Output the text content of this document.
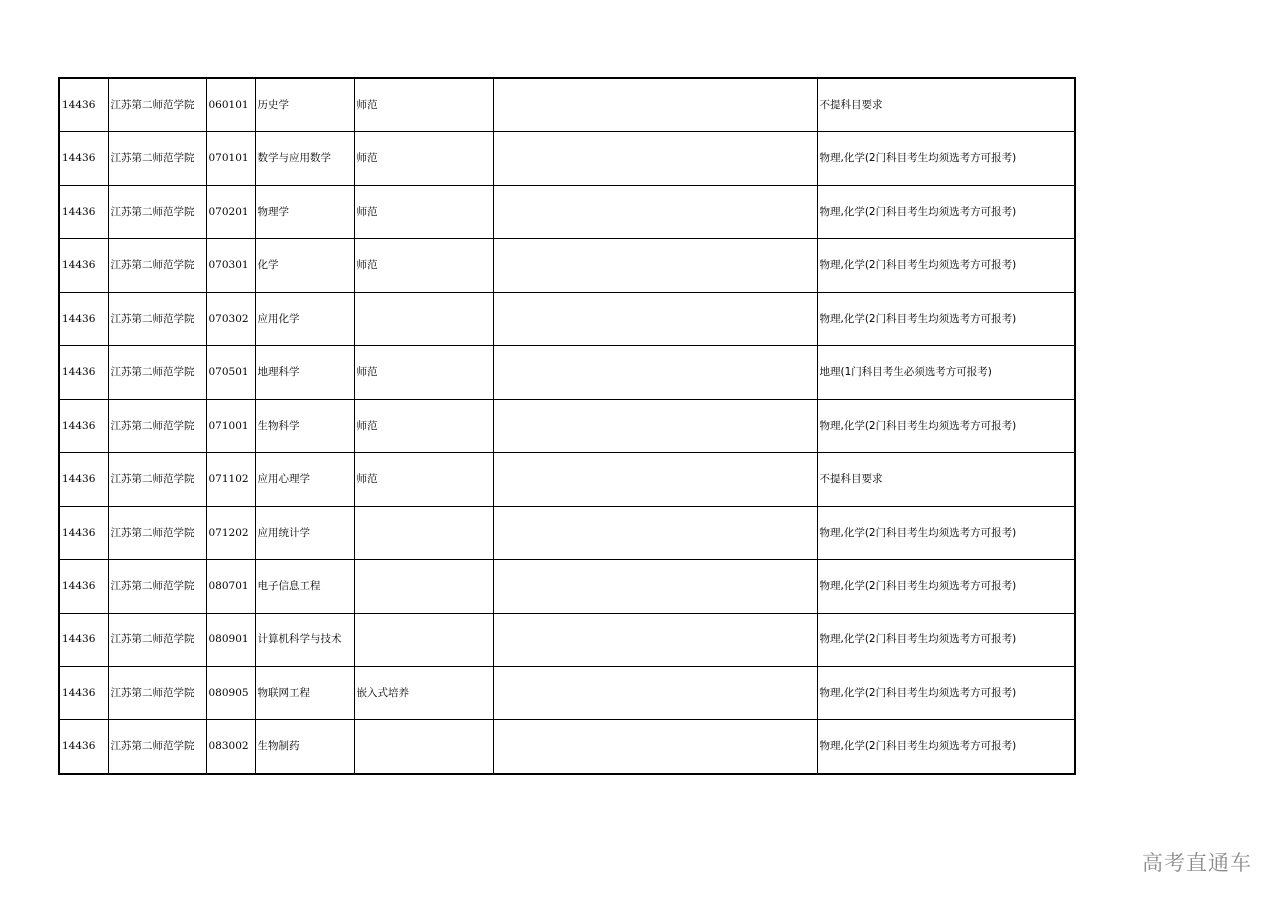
14436	江苏第二师范学院	060101	历史学	师范		不提科目要求
14436	江苏第二师范学院	070101	数学与应用数学	师范		物理,化学(2门科目考生均须选考方可报考)
14436	江苏第二师范学院	070201	物理学	师范		物理,化学(2门科目考生均须选考方可报考)
14436	江苏第二师范学院	070301	化学	师范		物理,化学(2门科目考生均须选考方可报考)
14436	江苏第二师范学院	070302	应用化学			物理,化学(2门科目考生均须选考方可报考)
14436	江苏第二师范学院	070501	地理科学	师范		地理(1门科目考生必须选考方可报考)
14436	江苏第二师范学院	071001	生物科学	师范		物理,化学(2门科目考生均须选考方可报考)
14436	江苏第二师范学院	071102	应用心理学	师范		不提科目要求
14436	江苏第二师范学院	071202	应用统计学			物理,化学(2门科目考生均须选考方可报考)
14436	江苏第二师范学院	080701	电子信息工程			物理,化学(2门科目考生均须选考方可报考)
14436	江苏第二师范学院	080901	计算机科学与技术			物理,化学(2门科目考生均须选考方可报考)
14436	江苏第二师范学院	080905	物联网工程	嵌入式培养		物理,化学(2门科目考生均须选考方可报考)
14436	江苏第二师范学院	083002	生物制药			物理,化学(2门科目考生均须选考方可报考)
高考直通车
